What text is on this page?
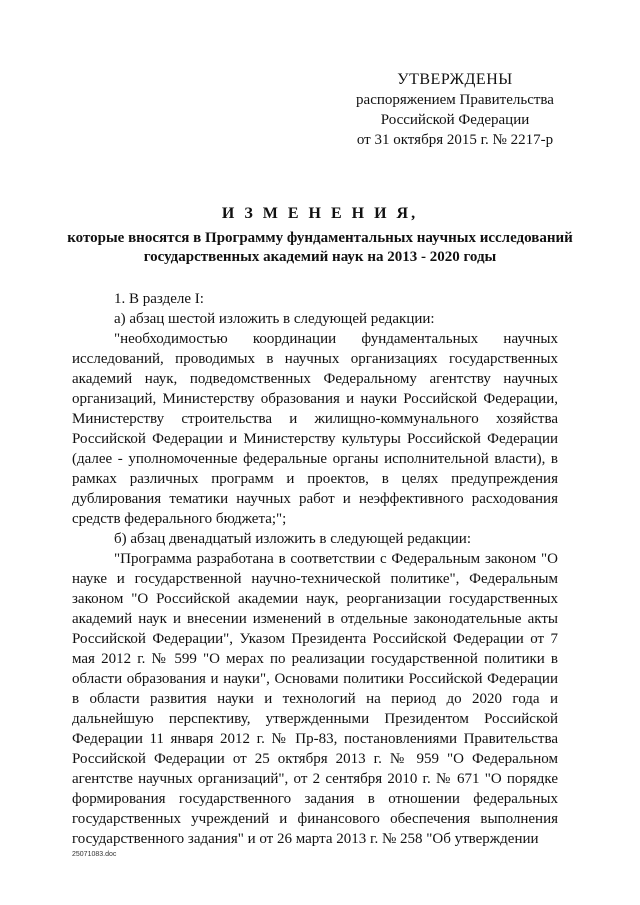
УТВЕРЖДЕНЫ
распоряжением Правительства
Российской Федерации
от 31 октября 2015 г. № 2217-р
И З М Е Н Е Н И Я,
которые вносятся в Программу фундаментальных научных исследований государственных академий наук на 2013 - 2020 годы

1. В разделе I:

а) абзац шестой изложить в следующей редакции:

"необходимостью координации фундаментальных научных исследований, проводимых в научных организациях государственных академий наук, подведомственных Федеральному агентству научных организаций, Министерству образования и науки Российской Федерации, Министерству строительства и жилищно-коммунального хозяйства Российской Федерации и Министерству культуры Российской Федерации (далее - уполномоченные федеральные органы исполнительной власти), в рамках различных программ и проектов, в целях предупреждения дублирования тематики научных работ и неэффективного расходования средств федерального бюджета;";

б) абзац двенадцатый изложить в следующей редакции:

"Программа разработана в соответствии с Федеральным законом "О науке и государственной научно-технической политике", Федеральным законом "О Российской академии наук, реорганизации государственных академий наук и внесении изменений в отдельные законодательные акты Российской Федерации", Указом Президента Российской Федерации от 7 мая 2012 г. № 599 "О мерах по реализации государственной политики в области образования и науки", Основами политики Российской Федерации в области развития науки и технологий на период до 2020 года и дальнейшую перспективу, утвержденными Президентом Российской Федерации 11 января 2012 г. № Пр-83, постановлениями Правительства Российской Федерации от 25 октября 2013 г. № 959 "О Федеральном агентстве научных организаций", от 2 сентября 2010 г. № 671 "О порядке формирования государственного задания в отношении федеральных государственных учреждений и финансового обеспечения выполнения государственного задания" и от 26 марта 2013 г. № 258 "Об утверждении

25071083.doc
